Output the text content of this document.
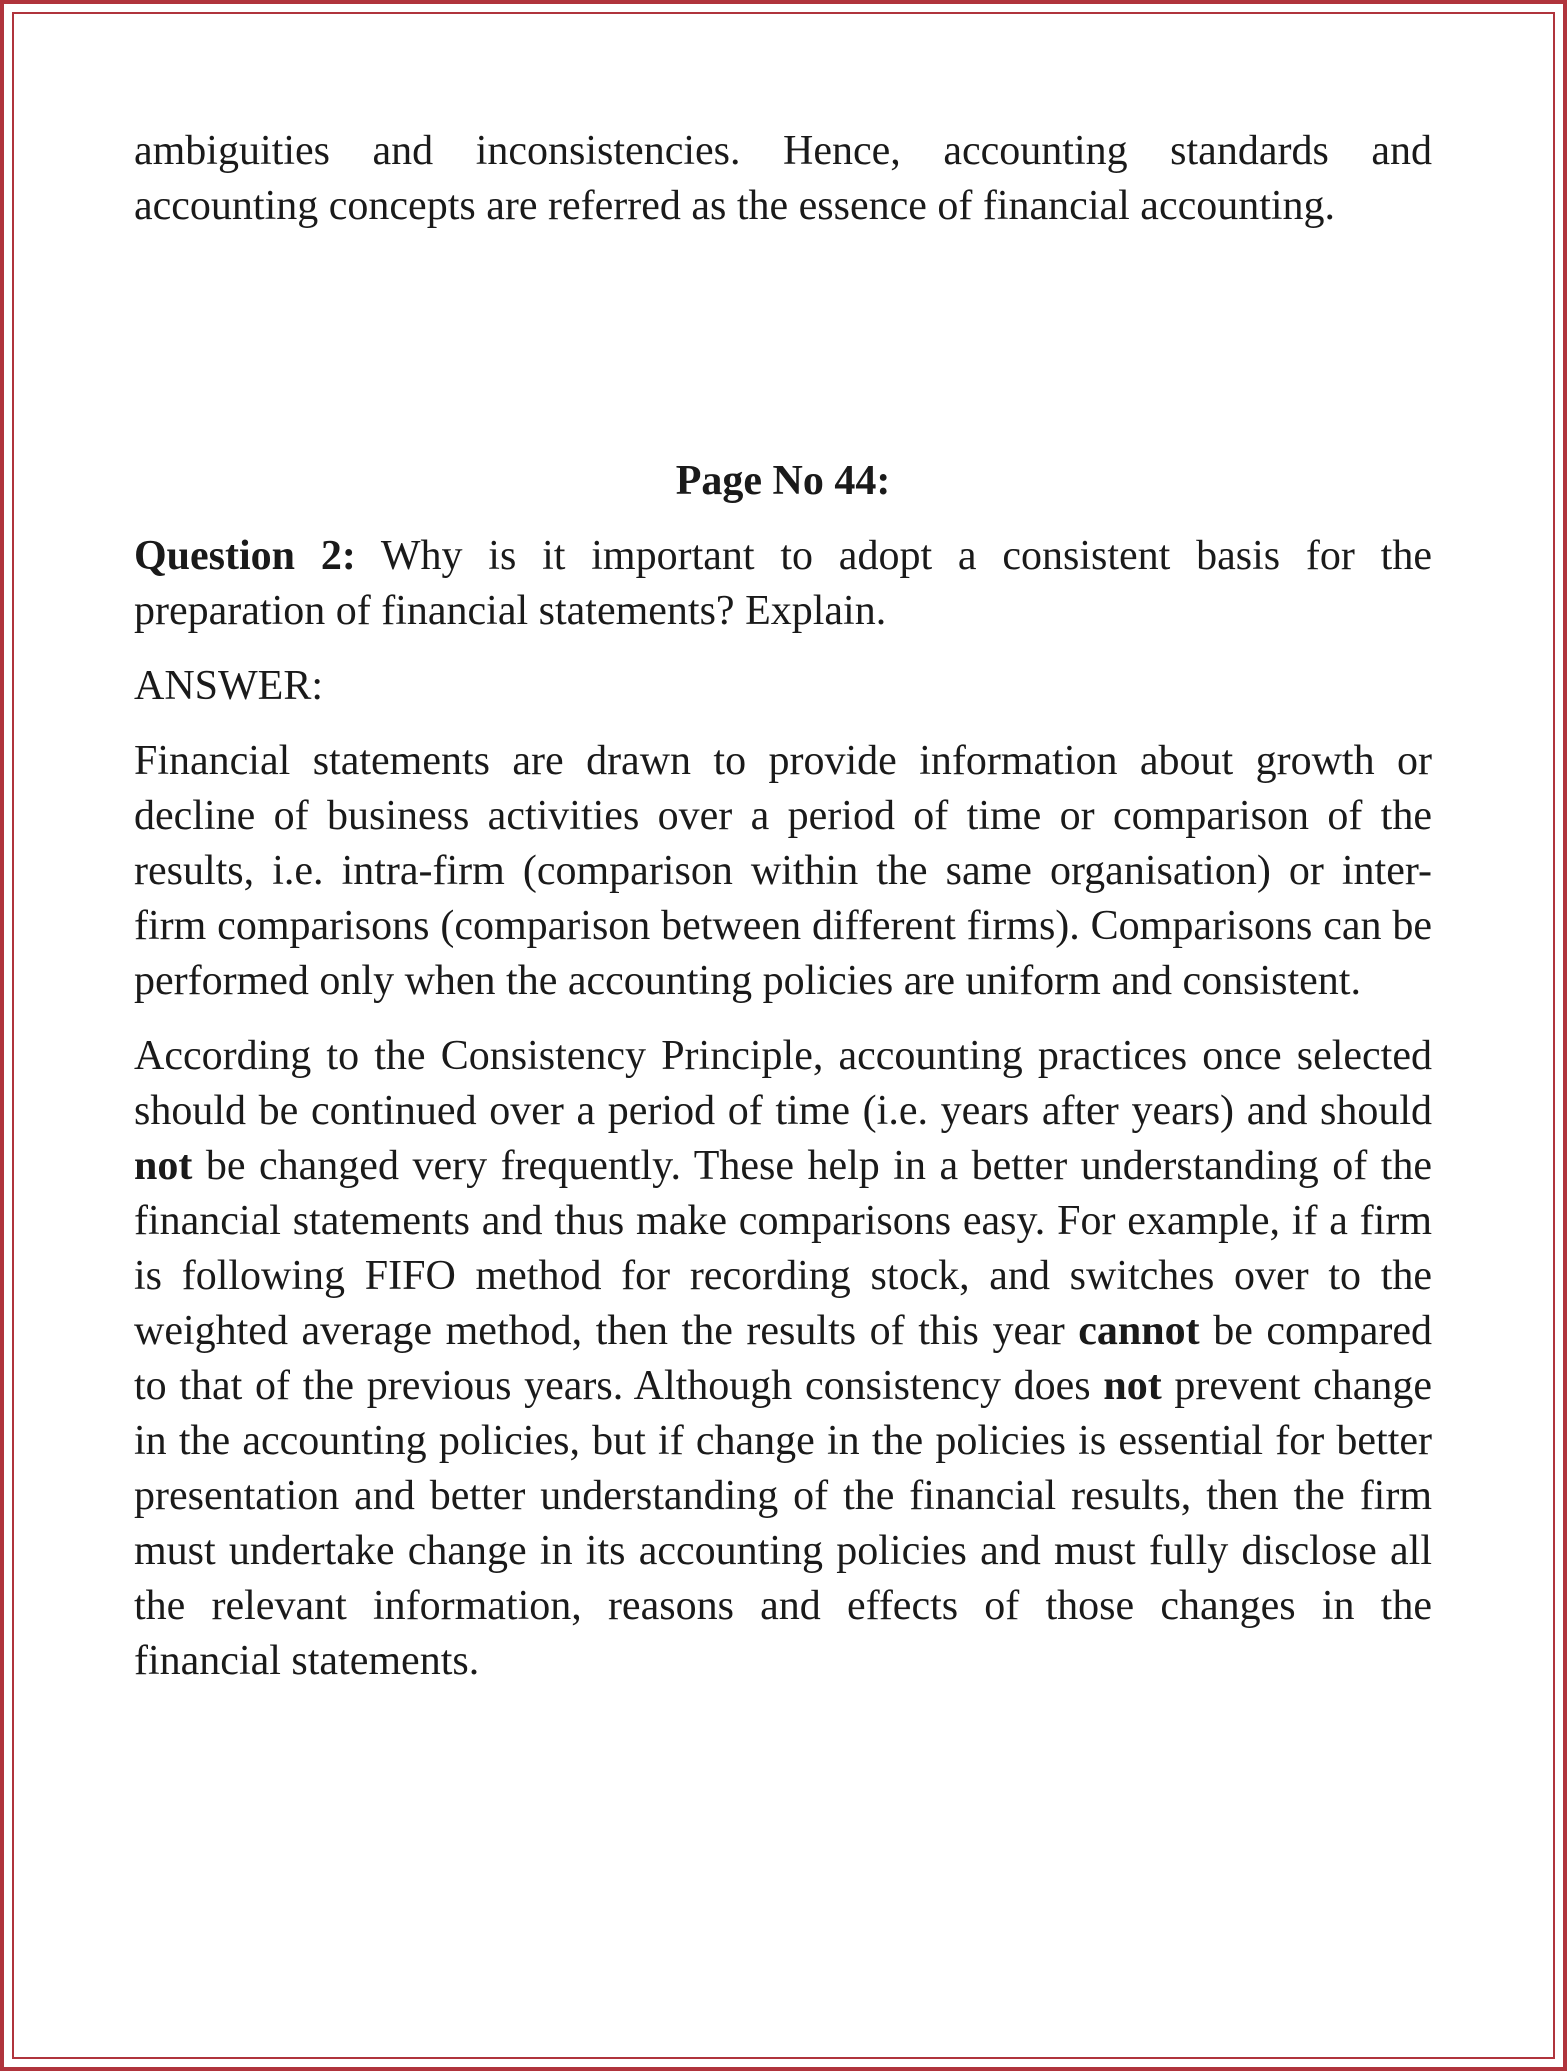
ambiguities and inconsistencies. Hence, accounting standards and accounting concepts are referred as the essence of financial accounting.

Page No 44:

Question 2: Why is it important to adopt a consistent basis for the preparation of financial statements? Explain.

ANSWER:

Financial statements are drawn to provide information about growth or decline of business activities over a period of time or comparison of the results, i.e. intra-firm (comparison within the same organisation) or inter-firm comparisons (comparison between different firms). Comparisons can be performed only when the accounting policies are uniform and consistent.

According to the Consistency Principle, accounting practices once selected should be continued over a period of time (i.e. years after years) and should not be changed very frequently. These help in a better understanding of the financial statements and thus make comparisons easy. For example, if a firm is following FIFO method for recording stock, and switches over to the weighted average method, then the results of this year cannot be compared to that of the previous years. Although consistency does not prevent change in the accounting policies, but if change in the policies is essential for better presentation and better understanding of the financial results, then the firm must undertake change in its accounting policies and must fully disclose all the relevant information, reasons and effects of those changes in the financial statements.
